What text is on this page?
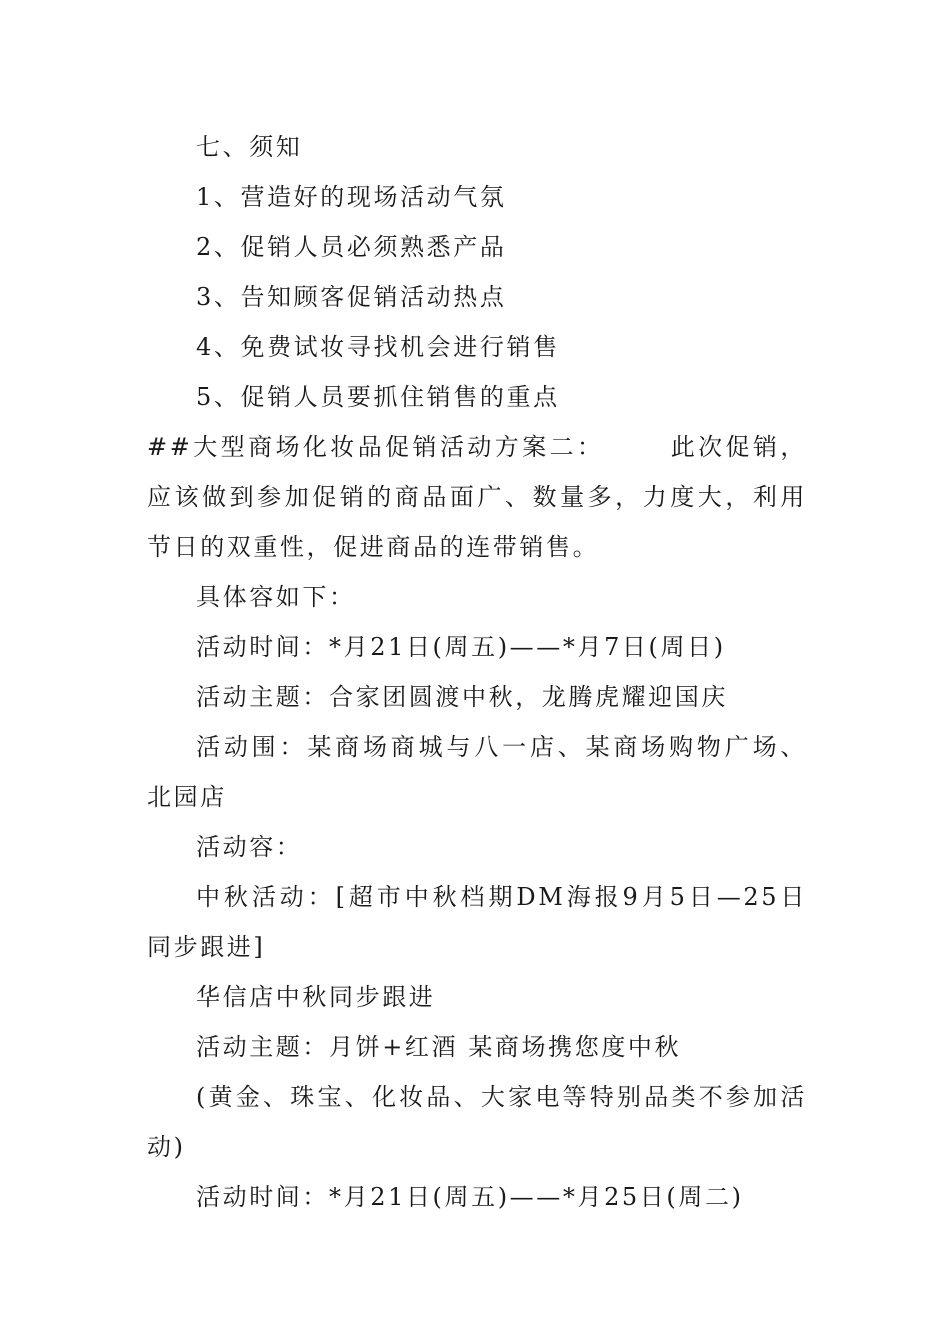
七、须知
1、营造好的现场活动气氛
2、促销人员必须熟悉产品
3、告知顾客促销活动热点
4、免费试妆寻找机会进行销售
5、促销人员要抓住销售的重点
##大型商场化妆品促销活动方案二：      此次促销，应该做到参加促销的商品面广、数量多，力度大，利用节日的双重性，促进商品的连带销售。
具体容如下：
活动时间：*月21日(周五)——*月7日(周日)
活动主题：合家团圆渡中秋，龙腾虎耀迎国庆
活动围：某商场商城与八一店、某商场购物广场、北园店
活动容：
中秋活动：[超市中秋档期DM海报9月5日—25日同步跟进]
华信店中秋同步跟进
活动主题：月饼+红酒 某商场携您度中秋
(黄金、珠宝、化妆品、大家电等特别品类不参加活动)
活动时间：*月21日(周五)——*月25日(周二)
